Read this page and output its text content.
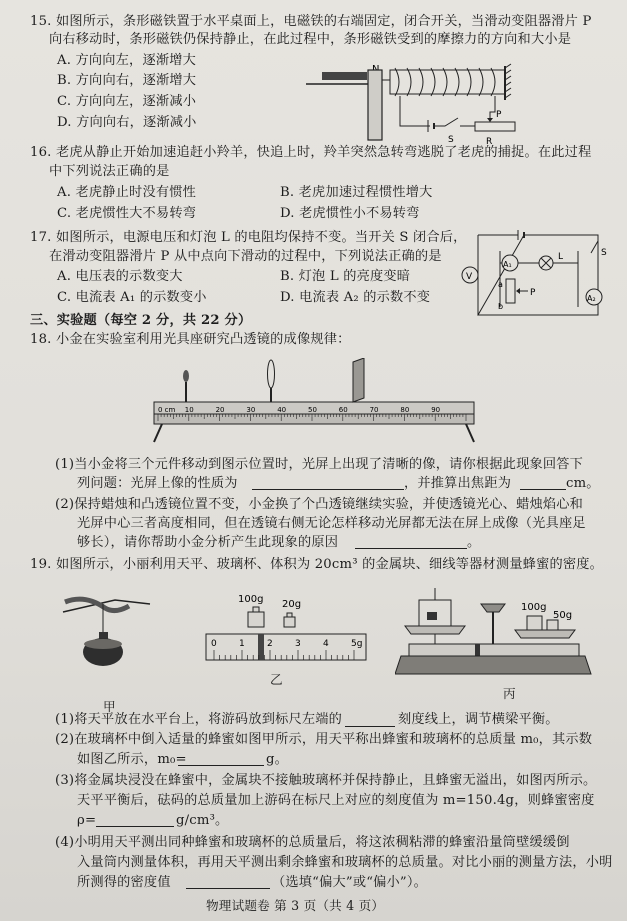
15. 如图所示，条形磁铁置于水平桌面上，电磁铁的右端固定，闭合开关，当滑动变阻器滑片 P
向右移动时，条形磁铁仍保持静止，在此过程中，条形磁铁受到的摩擦力的方向和大小是
A. 方向向左，逐渐增大
B. 方向向右，逐渐增大
C. 方向向左，逐渐减小
D. 方向向右，逐渐减小
S
P
R
16. 老虎从静止开始加速追赶小羚羊，快追上时，羚羊突然急转弯逃脱了老虎的捕捉。在此过程
中下列说法正确的是
A. 老虎静止时没有惯性	B. 老虎加速过程惯性增大
C. 老虎惯性大不易转弯	D. 老虎惯性小不易转弯
17. 如图所示，电源电压和灯泡 L 的电阻均保持不变。当开关 S 闭合后，
在滑动变阻器滑片 P 从中点向下滑动的过程中，下列说法正确的是
A. 电压表的示数变大	B. 灯泡 L 的亮度变暗
C. 电流表 A₁ 的示数变小	D. 电流表 A₂ 的示数不变
S
V
A₁
L
a
b
P
A₂
三、实验题（每空 2 分，共 22 分）
18. 小金在实验室利用光具座研究凸透镜的成像规律：
0 cm 10	20	30	40	50	60	70	80	90
(1)当小金将三个元件移动到图示位置时，光屏上出现了清晰的像，请你根据此现象回答下
列问题：光屏上像的性质为	，并推算出焦距为	cm。
(2)保持蜡烛和凸透镜位置不变，小金换了个凸透镜继续实验，并使透镜光心、蜡烛焰心和
光屏中心三者高度相同，但在透镜右侧无论怎样移动光屏都无法在屏上成像（光具座足
够长），请你帮助小金分析产生此现象的原因	。
19. 如图所示，小丽利用天平、玻璃杯、体积为 20cm³ 的金属块、细线等器材测量蜂蜜的密度。
甲
100g 20g
0 1 2 3 4 5g
乙
100g
50g
丙
(1)将天平放在水平台上，将游码放到标尺左端的	刻度线上，调节横梁平衡。
(2)在玻璃杯中倒入适量的蜂蜜如图甲所示，用天平称出蜂蜜和玻璃杯的总质量 m₀，其示数
如图乙所示，m₀=	g。
(3)将金属块浸没在蜂蜜中，金属块不接触玻璃杯并保持静止，且蜂蜜无溢出，如图丙所示。
天平平衡后，砝码的总质量加上游码在标尺上对应的刻度值为 m=150.4g，则蜂蜜密度
ρ=	g/cm³。
(4)小明用天平测出同种蜂蜜和玻璃杯的总质量后，将这浓稠粘滞的蜂蜜沿量筒壁缓缓倒
入量筒内测量体积，再用天平测出剩余蜂蜜和玻璃杯的总质量。对比小丽的测量方法，小明
所测得的密度值	（选填“偏大”或“偏小”）。
物理试题卷 第 3 页（共 4 页）
